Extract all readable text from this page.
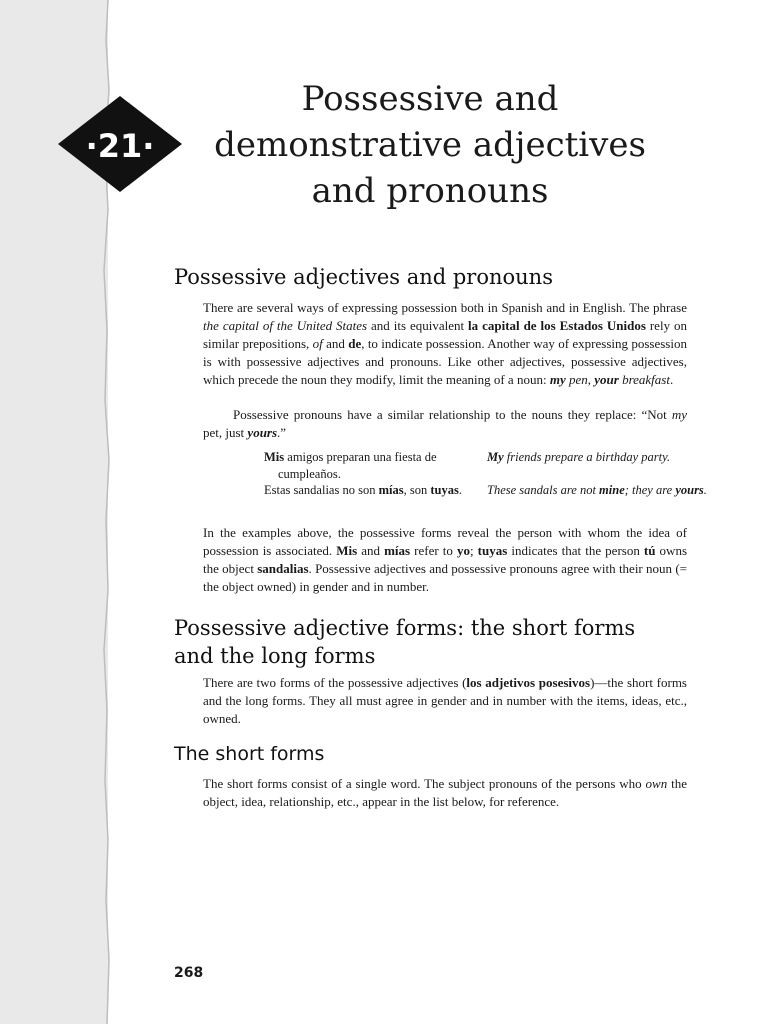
·21·
Possessive and
demonstrative adjectives
and pronouns
Possessive adjectives and pronouns

There are several ways of expressing possession both in Spanish and in English. The phrase the capital of the United States and its equivalent la capital de los Estados Unidos rely on similar prepositions, of and de, to indicate possession. Another way of expressing possession is with possessive adjectives and pronouns. Like other adjectives, possessive adjectives, which precede the noun they modify, limit the meaning of a noun: my pen, your breakfast.

Possessive pronouns have a similar relationship to the nouns they replace: “Not my pet, just yours.”

Mis amigos preparan una fiesta de cumpleaños.

My friends prepare a birthday party.

Estas sandalias no son mías, son tuyas.	These sandals are not mine; they are yours.

In the examples above, the possessive forms reveal the person with whom the idea of possession is associated. Mis and mías refer to yo; tuyas indicates that the person tú owns the object sandalias. Possessive adjectives and possessive pronouns agree with their noun (= the object owned) in gender and in number.

Possessive adjective forms: the short forms
and the long forms

There are two forms of the possessive adjectives (los adjetivos posesivos)—the short forms and the long forms. They all must agree in gender and in number with the items, ideas, etc., owned.

The short forms

The short forms consist of a single word. The subject pronouns of the persons who own the object, idea, relationship, etc., appear in the list below, for reference.

268
